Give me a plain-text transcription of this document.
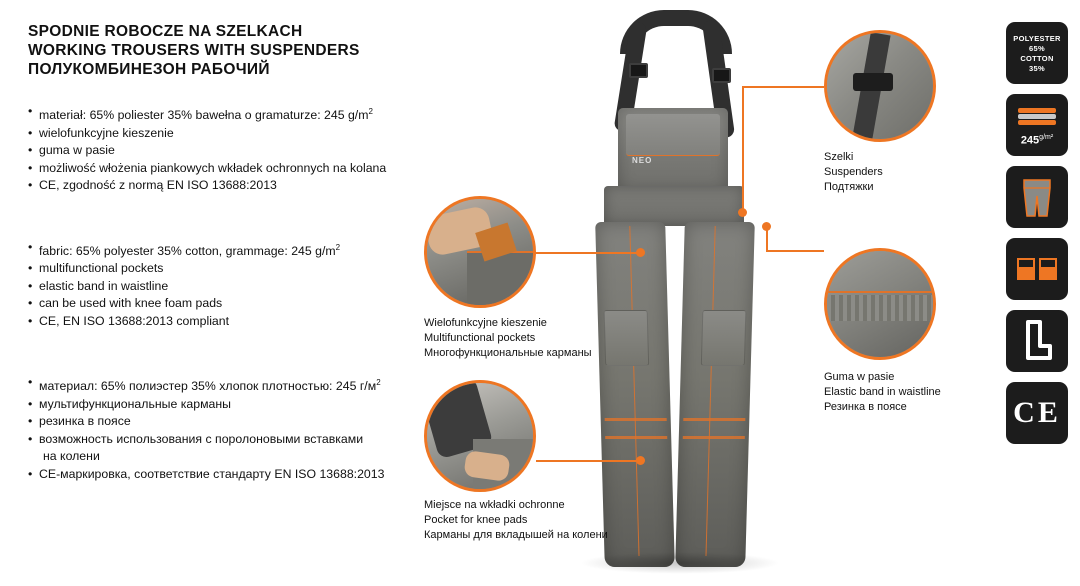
SPODNIE ROBOCZE NA SZELKACH
WORKING TROUSERS WITH SUSPENDERS
ПОЛУКОМБИНЕЗОН РАБОЧИЙ
• materiał: 65% poliester 35% bawełna o gramaturze: 245 $g/m^2$
• wielofunkcyjne kieszenie
• guma w pasie
• możliwość włożenia piankowych wkładek ochronnych na kolana
• CE, zgodność z normą EN ISO 13688:2013
• fabric: 65% polyester 35% cotton, grammage: 245 $g/m^2$
• multifunctional pockets
• elastic band in waistline
• can be used with knee foam pads
• CE, EN ISO 13688:2013 compliant
• материал: 65% полиэстер 35% хлопок плотностью: 245 $г/м^2$
• мультифункциональные карманы
• резинка в поясе
• возможность использования с поролоновыми вставками
на колени
• СЕ-маркировка, соответствие стандарту EN ISO 13688:2013
NEO	Szelki
Suspenders
Подтяжки
Wielofunkcyjne kieszenie
Multifunctional pockets
Многофункциональные карманы
Guma w pasie
Elastic band in waistline
Резинка в поясе
Miejsce na wkładki ochronne
Pocket for knee pads
Карманы для вкладышей на колени
POLYESTER
65%
COTTON
35%
$245^{g/m^2}$
CE
